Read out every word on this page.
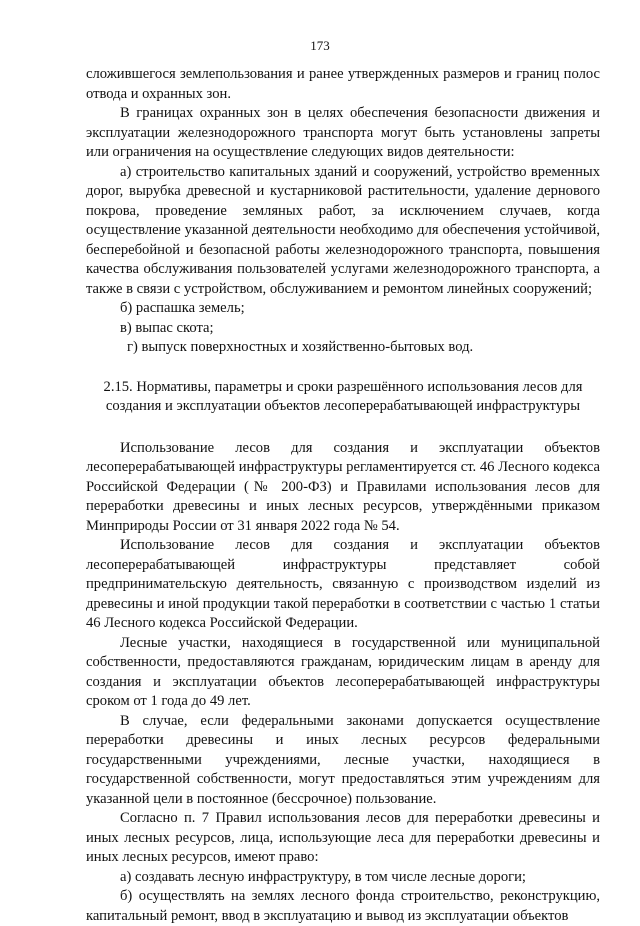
173

сложившегося землепользования и ранее утвержденных размеров и границ полос отвода и охранных зон.

В границах охранных зон в целях обеспечения безопасности движения и эксплуатации железнодорожного транспорта могут быть установлены запреты или ограничения на осуществление следующих видов деятельности:

а) строительство капитальных зданий и сооружений, устройство временных дорог, вырубка древесной и кустарниковой растительности, удаление дернового покрова, проведение земляных работ, за исключением случаев, когда осуществление указанной деятельности необходимо для обеспечения устойчивой, бесперебойной и безопасной работы железнодорожного транспорта, повышения качества обслуживания пользователей услугами железнодорожного транспорта, а также в связи с устройством, обслуживанием и ремонтом линейных сооружений;

б) распашка земель;

в) выпас скота;

г) выпуск поверхностных и хозяйственно-бытовых вод.

2.15. Нормативы, параметры и сроки разрешённого использования лесов для создания и эксплуатации объектов лесоперерабатывающей инфраструктуры

Использование лесов для создания и эксплуатации объектов лесоперерабатывающей инфраструктуры регламентируется ст. 46 Лесного кодекса Российской Федерации (№ 200-ФЗ) и Правилами использования лесов для переработки древесины и иных лесных ресурсов, утверждёнными приказом Минприроды России от 31 января 2022 года № 54.

Использование лесов для создания и эксплуатации объектов лесоперерабатывающей инфраструктуры представляет собой предпринимательскую деятельность, связанную с производством изделий из древесины и иной продукции такой переработки в соответствии с частью 1 статьи 46 Лесного кодекса Российской Федерации.

Лесные участки, находящиеся в государственной или муниципальной собственности, предоставляются гражданам, юридическим лицам в аренду для создания и эксплуатации объектов лесоперерабатывающей инфраструктуры сроком от 1 года до 49 лет.

В случае, если федеральными законами допускается осуществление переработки древесины и иных лесных ресурсов федеральными государственными учреждениями, лесные участки, находящиеся в государственной собственности, могут предоставляться этим учреждениям для указанной цели в постоянное (бессрочное) пользование.

Согласно п. 7 Правил использования лесов для переработки древесины и иных лесных ресурсов, лица, использующие леса для переработки древесины и иных лесных ресурсов, имеют право:

а) создавать лесную инфраструктуру, в том числе лесные дороги;

б) осуществлять на землях лесного фонда строительство, реконструкцию, капитальный ремонт, ввод в эксплуатацию и вывод из эксплуатации объектов
